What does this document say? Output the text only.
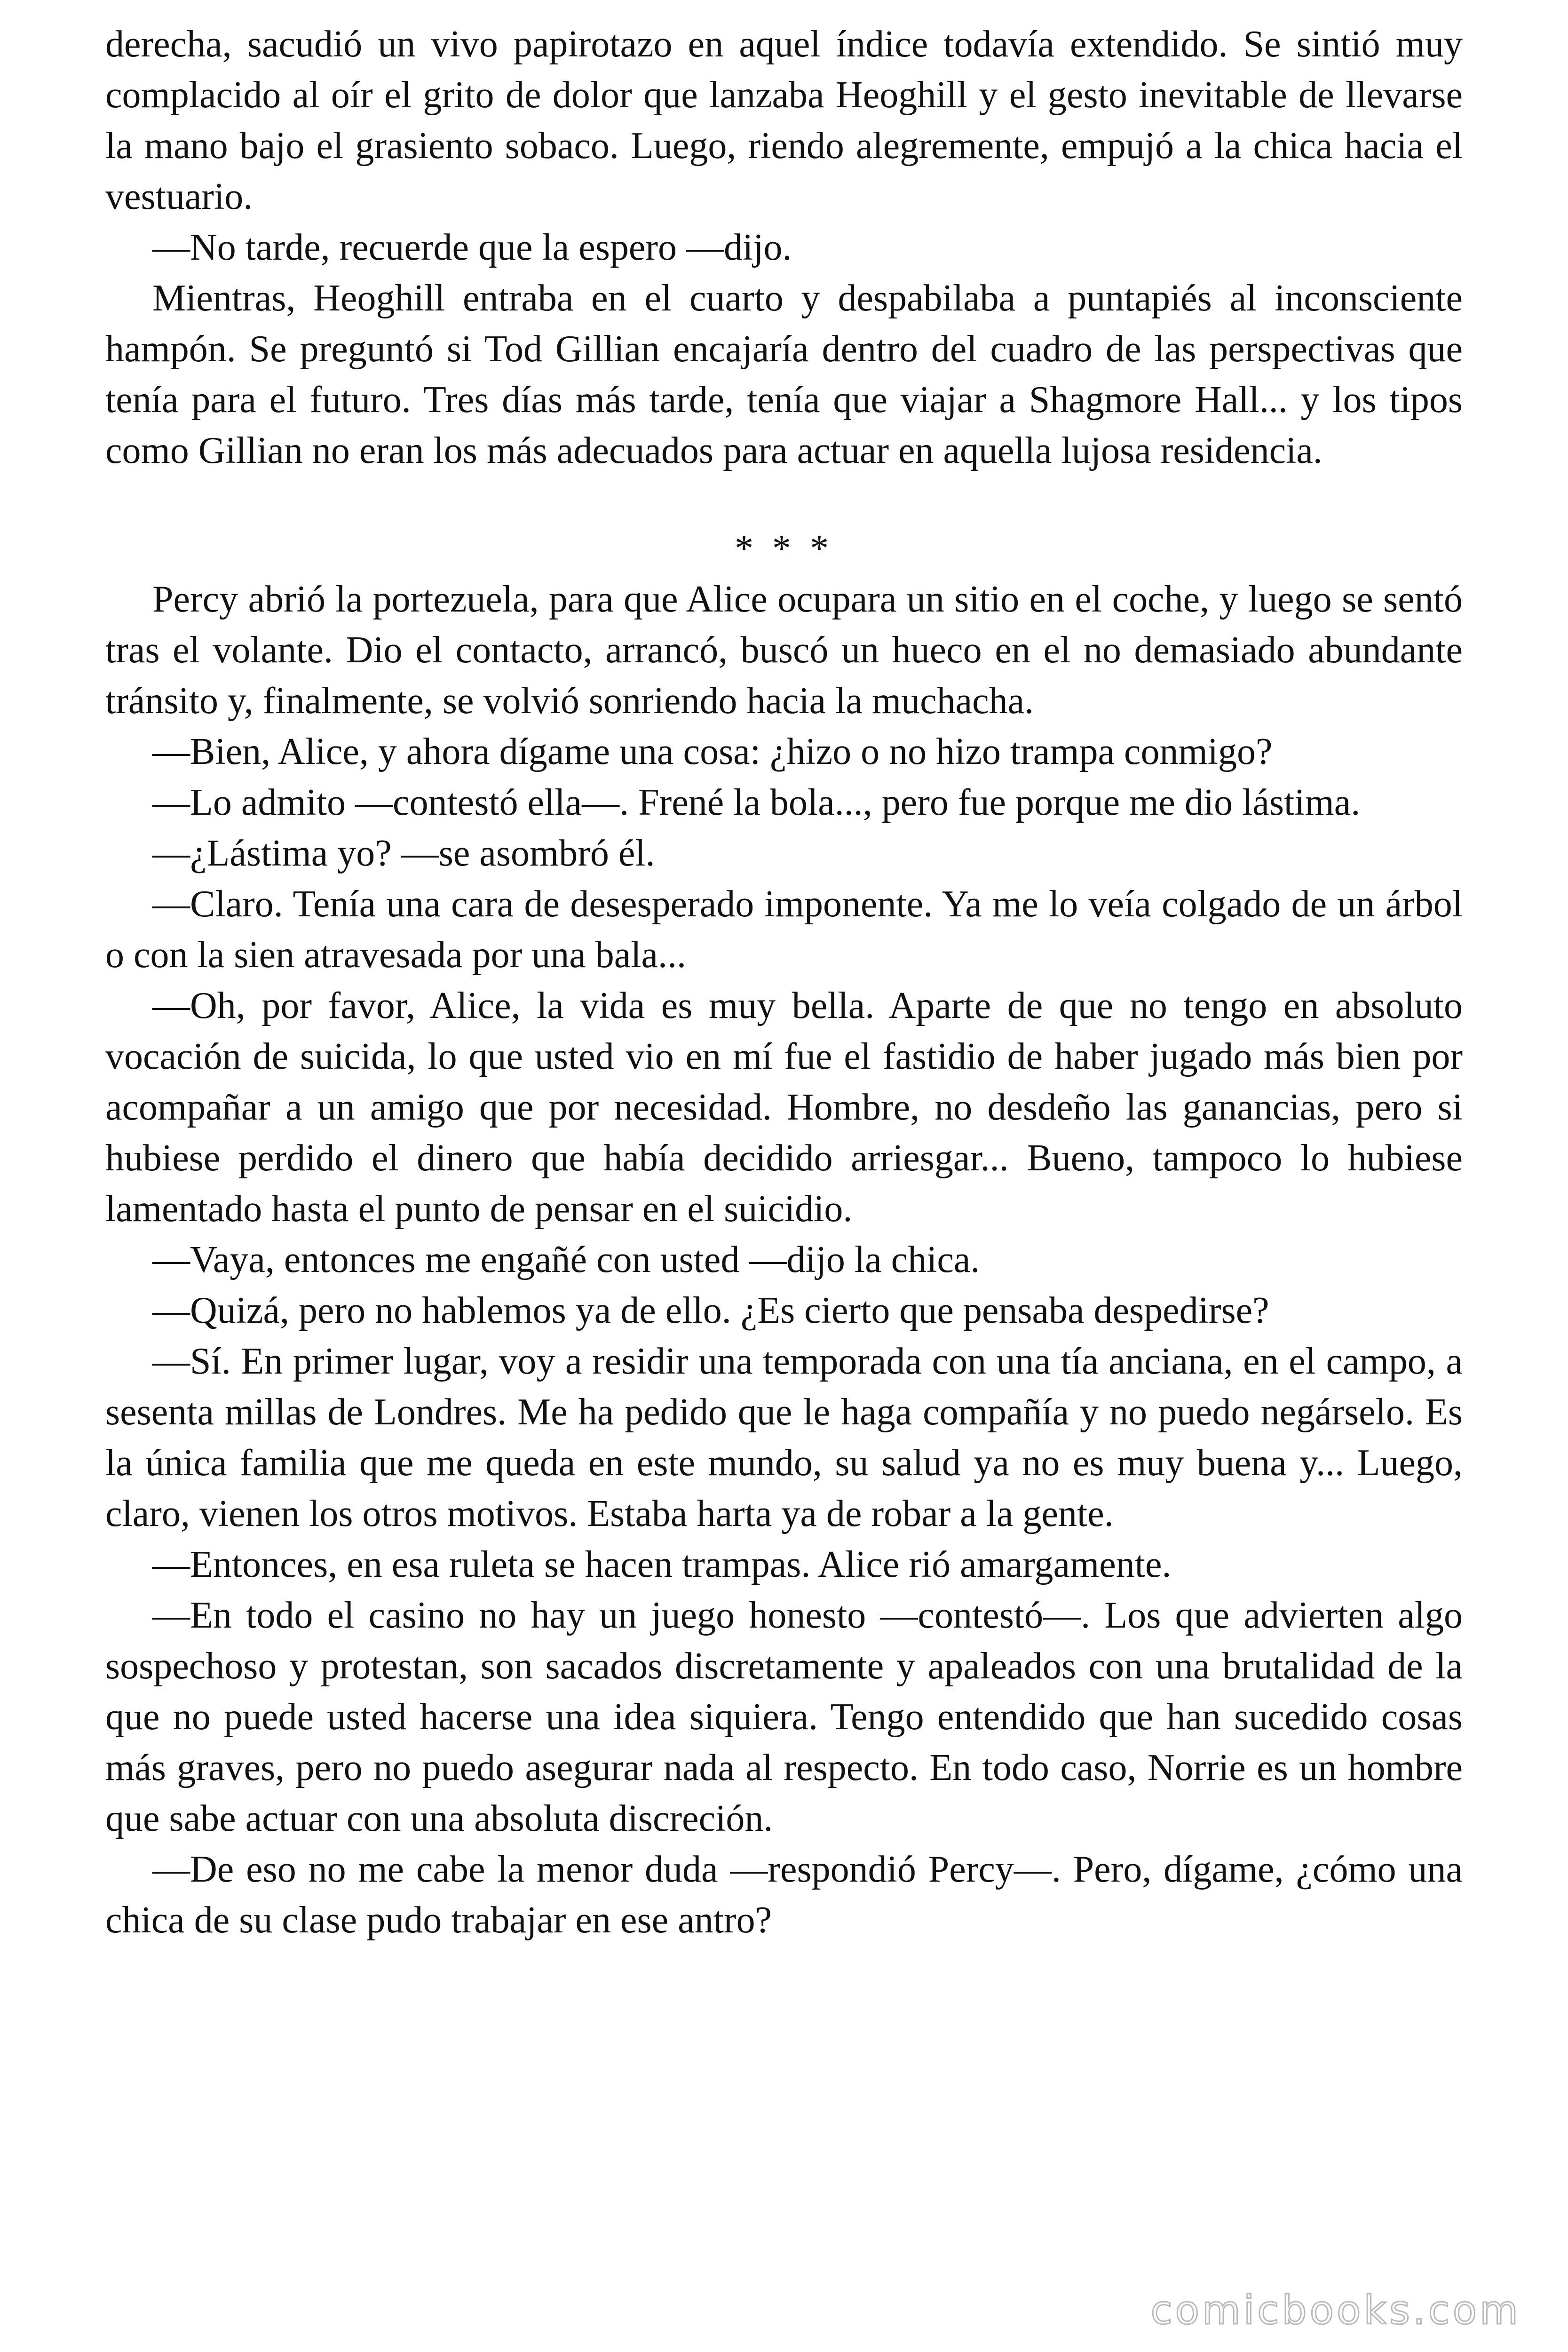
derecha, sacudió un vivo papirotazo en aquel índice todavía extendido. Se sintió muy complacido al oír el grito de dolor que lanzaba Heoghill y el gesto inevitable de llevarse la mano bajo el grasiento sobaco. Luego, riendo alegremente, empujó a la chica hacia el vestuario.

—No tarde, recuerde que la espero —dijo.

Mientras, Heoghill entraba en el cuarto y despabilaba a puntapiés al inconsciente hampón. Se preguntó si Tod Gillian encajaría dentro del cuadro de las perspectivas que tenía para el futuro. Tres días más tarde, tenía que viajar a Shagmore Hall... y los tipos como Gillian no eran los más adecuados para actuar en aquella lujosa residencia.

* * *

Percy abrió la portezuela, para que Alice ocupara un sitio en el coche, y luego se sentó tras el volante. Dio el contacto, arrancó, buscó un hueco en el no demasiado abundante tránsito y, finalmente, se volvió sonriendo hacia la muchacha.

—Bien, Alice, y ahora dígame una cosa: ¿hizo o no hizo trampa conmigo?

—Lo admito —contestó ella—. Frené la bola..., pero fue porque me dio lástima.

—¿Lástima yo? —se asombró él.

—Claro. Tenía una cara de desesperado imponente. Ya me lo veía colgado de un árbol o con la sien atravesada por una bala...

—Oh, por favor, Alice, la vida es muy bella. Aparte de que no tengo en absoluto vocación de suicida, lo que usted vio en mí fue el fastidio de haber jugado más bien por acompañar a un amigo que por necesidad. Hombre, no desdeño las ganancias, pero si hubiese perdido el dinero que había decidido arriesgar... Bueno, tampoco lo hubiese lamentado hasta el punto de pensar en el suicidio.

—Vaya, entonces me engañé con usted —dijo la chica.

—Quizá, pero no hablemos ya de ello. ¿Es cierto que pensaba despedirse?

—Sí. En primer lugar, voy a residir una temporada con una tía anciana, en el campo, a sesenta millas de Londres. Me ha pedido que le haga compañía y no puedo negárselo. Es la única familia que me queda en este mundo, su salud ya no es muy buena y... Luego, claro, vienen los otros motivos. Estaba harta ya de robar a la gente.

—Entonces, en esa ruleta se hacen trampas. Alice rió amargamente.

—En todo el casino no hay un juego honesto —contestó—. Los que advierten algo sospechoso y protestan, son sacados discretamente y apaleados con una brutalidad de la que no puede usted hacerse una idea siquiera. Tengo entendido que han sucedido cosas más graves, pero no puedo asegurar nada al respecto. En todo caso, Norrie es un hombre que sabe actuar con una absoluta discreción.

—De eso no me cabe la menor duda —respondió Percy—. Pero, dígame, ¿cómo una chica de su clase pudo trabajar en ese antro?

comicbooks.com
